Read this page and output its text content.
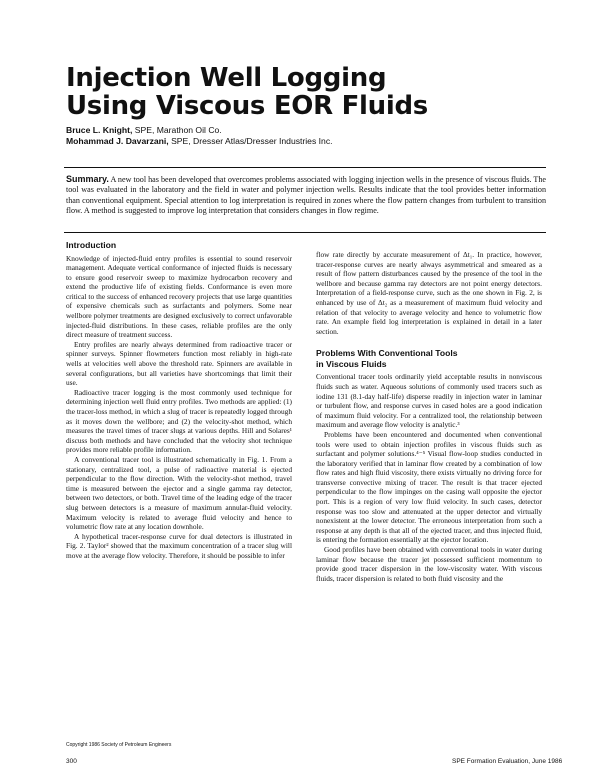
Injection Well Logging
Using Viscous EOR Fluids
Bruce L. Knight, SPE, Marathon Oil Co.
Mohammad J. Davarzani, SPE, Dresser Atlas/Dresser Industries Inc.
Summary. A new tool has been developed that overcomes problems associated with logging injection wells in the presence of viscous fluids. The tool was evaluated in the laboratory and the field in water and polymer injection wells. Results indicate that the tool provides better information than conventional equipment. Special attention to log interpretation is required in zones where the flow pattern changes from turbulent to transition flow. A method is suggested to improve log interpretation that considers changes in flow regime.
Introduction

Knowledge of injected-fluid entry profiles is essential to sound reservoir management. Adequate vertical conformance of injected fluids is necessary to ensure good reservoir sweep to maximize hydrocarbon recovery and extend the productive life of existing fields. Conformance is even more critical to the success of enhanced recovery projects that use large quantities of expensive chemicals such as surfactants and polymers. Some near wellbore polymer treatments are designed exclusively to correct unfavorable injected-fluid distributions. In these cases, reliable profiles are the only direct measure of treatment success.

Entry profiles are nearly always determined from radioactive tracer or spinner surveys. Spinner flowmeters function most reliably in high-rate wells at velocities well above the threshold rate. Spinners are available in several configurations, but all varieties have shortcomings that limit their use.

Radioactive tracer logging is the most commonly used technique for determining injection well fluid entry profiles. Two methods are applied: (1) the tracer-loss method, in which a slug of tracer is repeatedly logged through as it moves down the wellbore; and (2) the velocity-shot method, which measures the travel times of tracer slugs at various depths. Hill and Solares¹ discuss both methods and have concluded that the velocity shot technique provides more reliable profile information.

A conventional tracer tool is illustrated schematically in Fig. 1. From a stationary, centralized tool, a pulse of radioactive material is ejected perpendicular to the flow direction. With the velocity-shot method, travel time is measured between the ejector and a single gamma ray detector, between two detectors, or both. Travel time of the leading edge of the tracer slug between detectors is a measure of maximum annular-fluid velocity. Maximum velocity is related to average fluid velocity and hence to volumetric flow rate at any location downhole.

A hypothetical tracer-response curve for dual detectors is illustrated in Fig. 2. Taylor² showed that the maximum concentration of a tracer slug will move at the average flow velocity. Therefore, it should be possible to infer

flow rate directly by accurate measurement of Δt₁. In practice, however, tracer-response curves are nearly always asymmetrical and smeared as a result of flow pattern disturbances caused by the presence of the tool in the wellbore and because gamma ray detectors are not point energy detectors. Interpretation of a field-response curve, such as the one shown in Fig. 2, is enhanced by use of Δt₂ as a measurement of maximum fluid velocity and relation of that velocity to average velocity and hence to volumetric flow rate. An example field log interpretation is explained in detail in a later section.

Problems With Conventional Tools
in Viscous Fluids

Conventional tracer tools ordinarily yield acceptable results in nonviscous fluids such as water. Aqueous solutions of commonly used tracers such as iodine 131 (8.1-day half-life) disperse readily in injection water in laminar or turbulent flow, and response curves in cased holes are a good indication of maximum fluid velocity. For a centralized tool, the relationship between maximum and average flow velocity is analytic.³

Problems have been encountered and documented when conventional tools were used to obtain injection profiles in viscous fluids such as surfactant and polymer solutions.⁴⁻⁵ Visual flow-loop studies conducted in the laboratory verified that in laminar flow created by a combination of low flow rates and high fluid viscosity, there exists virtually no driving force for transverse convective mixing of tracer. The result is that tracer ejected perpendicular to the flow impinges on the casing wall opposite the ejector port. This is a region of very low fluid velocity. In such cases, detector response was too slow and attenuated at the upper detector and virtually nonexistent at the lower detector. The erroneous interpretation from such a response at any depth is that all of the ejected tracer, and thus injected fluid, is entering the formation essentially at the ejector location.

Good profiles have been obtained with conventional tools in water during laminar flow because the tracer jet possessed sufficient momentum to provide good tracer dispersion in the low-viscosity water. With viscous fluids, tracer dispersion is related to both fluid viscosity and the

Copyright 1986 Society of Petroleum Engineers
300	SPE Formation Evaluation, June 1986
